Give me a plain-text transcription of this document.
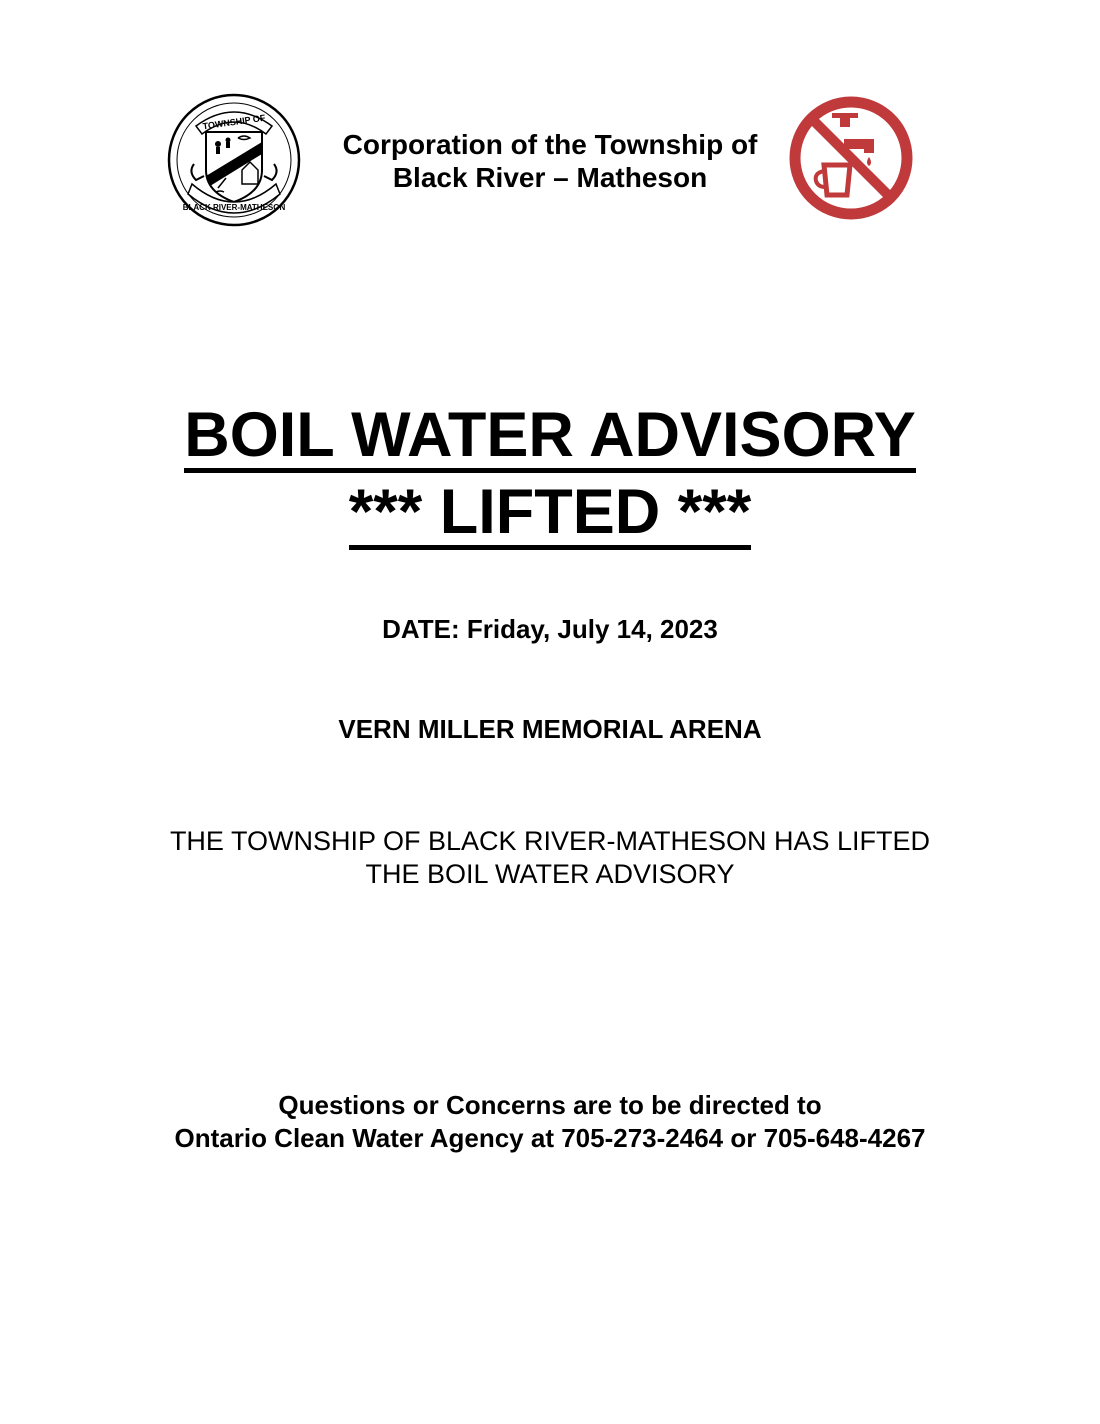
TOWNSHIP OF
BLACK RIVER-MATHESON
Corporation of the Township of
Black River – Matheson
BOIL WATER ADVISORY
*** LIFTED ***
DATE: Friday, July 14, 2023
VERN MILLER MEMORIAL ARENA
THE TOWNSHIP OF BLACK RIVER-MATHESON HAS LIFTED
THE BOIL WATER ADVISORY
Questions or Concerns are to be directed to
Ontario Clean Water Agency at 705-273-2464 or 705-648-4267
